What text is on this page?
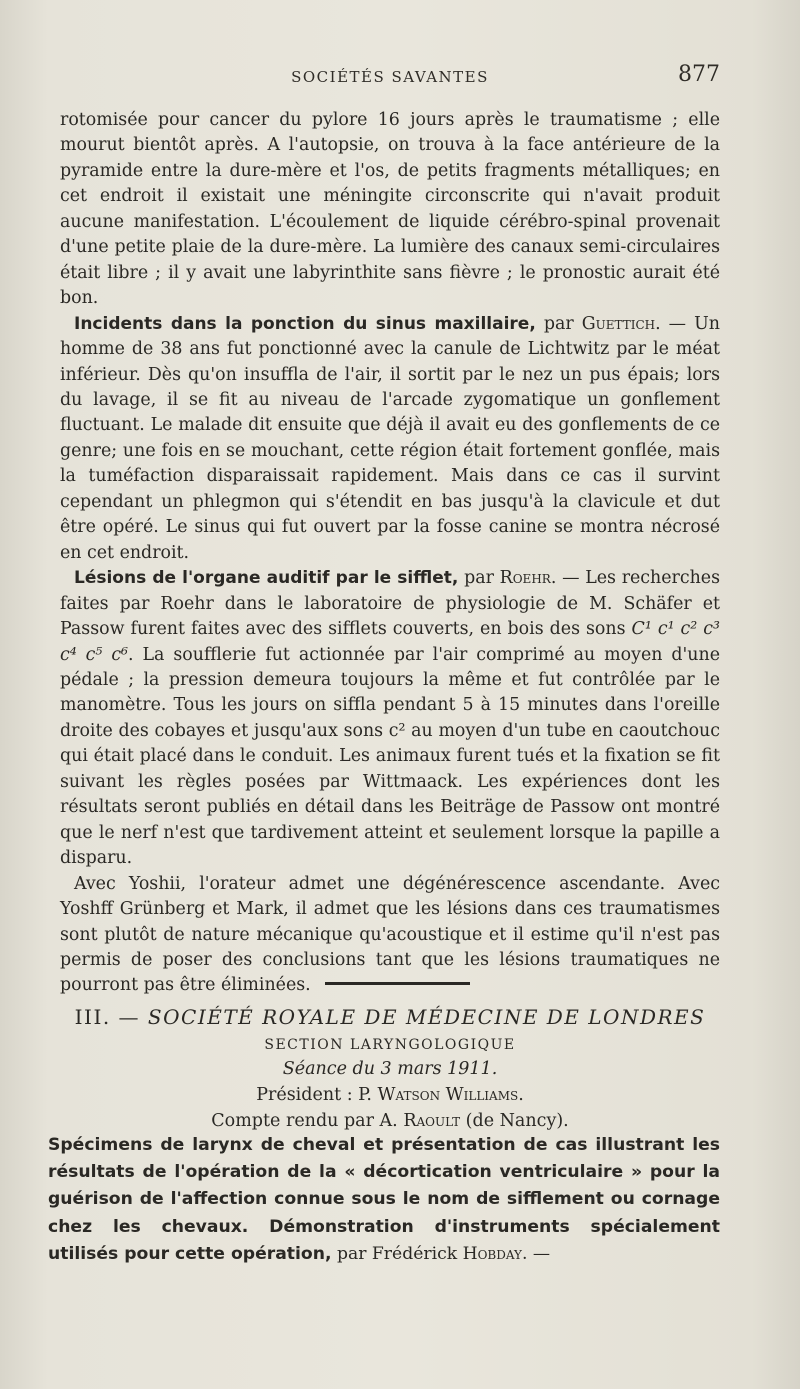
SOCIÉTÉS SAVANTES	877

rotomisée pour cancer du pylore 16 jours après le traumatisme ; elle mourut bientôt après. A l'autopsie, on trouva à la face antérieure de la pyramide entre la dure-mère et l'os, de petits fragments métalliques; en cet endroit il existait une méningite circonscrite qui n'avait produit aucune manifestation. L'écoulement de liquide cérébro-spinal provenait d'une petite plaie de la dure-mère. La lumière des canaux semi-circulaires était libre ; il y avait une labyrinthite sans fièvre ; le pronostic aurait été bon.

Incidents dans la ponction du sinus maxillaire, par Guettich. — Un homme de 38 ans fut ponctionné avec la canule de Lichtwitz par le méat inférieur. Dès qu'on insuffla de l'air, il sortit par le nez un pus épais; lors du lavage, il se fit au niveau de l'arcade zygomatique un gonflement fluctuant. Le malade dit ensuite que déjà il avait eu des gonflements de ce genre; une fois en se mouchant, cette région était fortement gonflée, mais la tuméfaction disparaissait rapidement. Mais dans ce cas il survint cependant un phlegmon qui s'étendit en bas jusqu'à la clavicule et dut être opéré. Le sinus qui fut ouvert par la fosse canine se montra nécrosé en cet endroit.

Lésions de l'organe auditif par le sifflet, par Roehr. — Les recherches faites par Roehr dans le laboratoire de physiologie de M. Schäfer et Passow furent faites avec des sifflets couverts, en bois des sons C¹ c¹ c² c³ c⁴ c⁵ c⁶. La soufflerie fut actionnée par l'air comprimé au moyen d'une pédale ; la pression demeura toujours la même et fut contrôlée par le manomètre. Tous les jours on siffla pendant 5 à 15 minutes dans l'oreille droite des cobayes et jusqu'aux sons c² au moyen d'un tube en caoutchouc qui était placé dans le conduit. Les animaux furent tués et la fixation se fit suivant les règles posées par Wittmaack. Les expériences dont les résultats seront publiés en détail dans les Beiträge de Passow ont montré que le nerf n'est que tardivement atteint et seulement lorsque la papille a disparu.

Avec Yoshii, l'orateur admet une dégénérescence ascendante. Avec Yoshff Grünberg et Mark, il admet que les lésions dans ces traumatismes sont plutôt de nature mécanique qu'acoustique et il estime qu'il n'est pas permis de poser des conclusions tant que les lésions traumatiques ne pourront pas être éliminées.

III. — SOCIÉTÉ ROYALE DE MÉDECINE DE LONDRES
SECTION LARYNGOLOGIQUE
Séance du 3 mars 1911.
Président : P. Watson Williams.
Compte rendu par A. Raoult (de Nancy).

Spécimens de larynx de cheval et présentation de cas illustrant les résultats de l'opération de la « décortication ventriculaire » pour la guérison de l'affection connue sous le nom de sifflement ou cornage chez les chevaux. Démonstration d'instruments spécialement utilisés pour cette opération, par Frédérick Hobday. —
